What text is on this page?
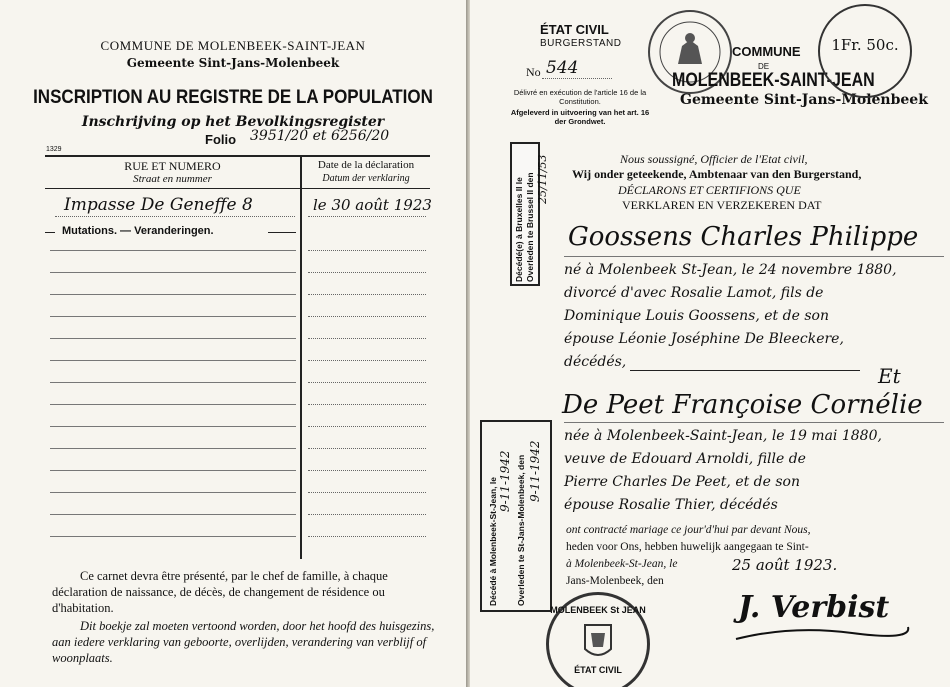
COMMUNE DE MOLENBEEK-SAINT-JEAN
Gemeente Sint-Jans-Molenbeek
INSCRIPTION AU REGISTRE DE LA POPULATION
Inschrijving op het Bevolkingsregister
Folio 3951/20 et 6256/20
1329
RUE ET NUMERO
Straat en nummer
Date de la déclaration
Datum der verklaring
Impasse De Geneffe 8	le 30 août 1923
Mutations. — Veranderingen.
Ce carnet devra être présenté, par le chef de famille, à chaque déclaration de naissance, de décès, de changement de résidence ou d'habitation.
Dit boekje zal moeten vertoond worden, door het hoofd des huisgezins, aan iedere verklaring van geboorte, overlijden, verandering van verblijf of woonplaats.
ÉTAT CIVIL
BURGERSTAND
No 544
Délivré en exécution de l'article 16 de la Constitution.
Afgeleverd in uitvoering van het art. 16 der Grondwet.
COMMUNE
DE
MOLENBEEK-SAINT-JEAN
Gemeente Sint-Jans-Molenbeek
1Fr. 50c.
Décédé(e) à Bruxelles II le Overleden te Brussel II den 25/11/53
Décédé à Molenbeek-St-Jean, le 9-11-1942 Overleden te St-Jans-Molenbeek, den 9-11-1942
Nous soussigné, Officier de l'Etat civil,
Wij onder geteekende, Ambtenaar van den Burgerstand,
DÉCLARONS ET CERTIFIONS QUE
VERKLAREN EN VERZEKEREN DAT
Goossens Charles Philippe
né à Molenbeek St-Jean, le 24 novembre 1880,
divorcé d'avec Rosalie Lamot, fils de
Dominique Louis Goossens, et de son
épouse Léonie Joséphine De Bleeckere,
décédés,
Et
De Peet Françoise Cornélie
née à Molenbeek-Saint-Jean, le 19 mai 1880,
veuve de Edouard Arnoldi, fille de
Pierre Charles De Peet, et de son
épouse Rosalie Thier, décédés
ont contracté mariage ce jour'd'hui par devant Nous,
heden voor Ons, hebben huwelijk aangegaan te Sint-
à Molenbeek-St-Jean, le	25 août 1923.
Jans-Molenbeek, den
MOLENBEEK St JEAN
ÉTAT CIVIL
J. Verbist
